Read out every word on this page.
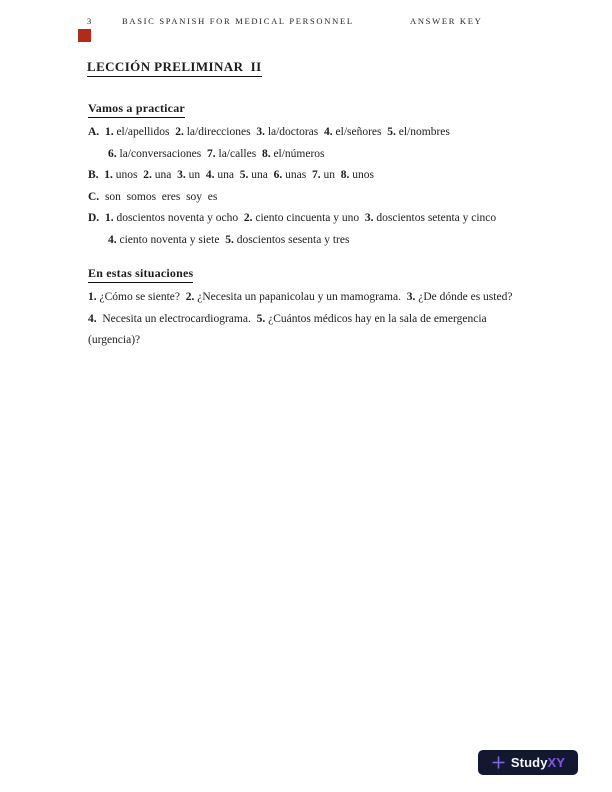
3	BASIC SPANISH FOR MEDICAL PERSONNEL	ANSWER KEY
LECCIÓN PRELIMINAR  II
Vamos a practicar
A. 1. el/apellidos 2. la/direcciones 3. la/doctoras 4. el/señores 5. el/nombres
6. la/conversaciones 7. la/calles 8. el/números
B. 1. unos 2. una 3. un 4. una 5. una 6. unas 7. un 8. unos
C. son  somos  eres  soy  es
D. 1. doscientos noventa y ocho 2. ciento cincuenta y uno 3. doscientos setenta y cinco
4. ciento noventa y siete 5. doscientos sesenta y tres
En estas situaciones
1. ¿Cómo se siente? 2. ¿Necesita un papanicolau y un mamograma. 3. ¿De dónde es usted?
4.  Necesita un electrocardiograma. 5. ¿Cuántos médicos hay en la sala de emergencia
(urgencia)?
StudyXY
